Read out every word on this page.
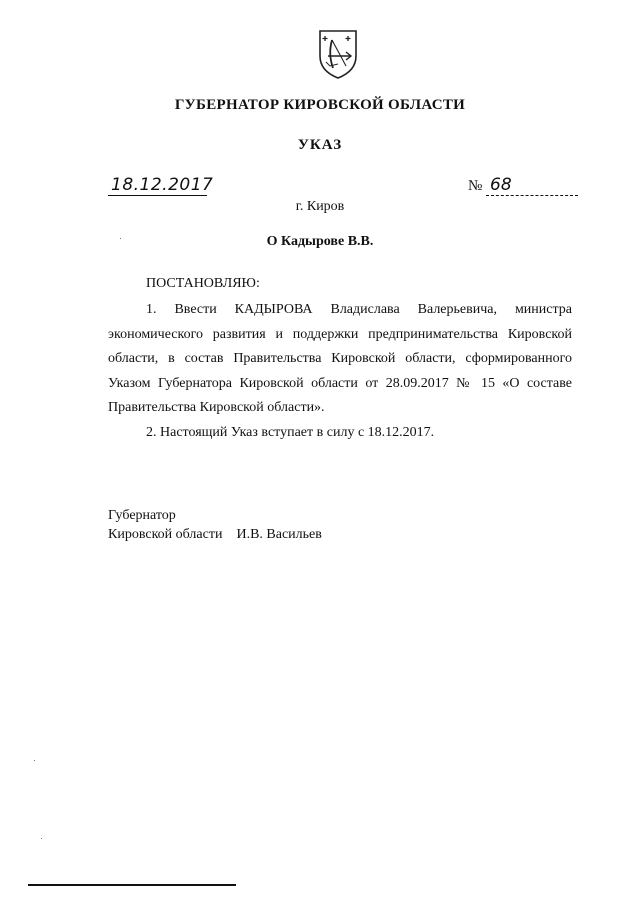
ГУБЕРНАТОР КИРОВСКОЙ ОБЛАСТИ
УКАЗ
18.12.2017	№ 68
г. Киров
О Кадырове В.В.
ПОСТАНОВЛЯЮ:

1. Ввести КАДЫРОВА Владислава Валерьевича, министра экономического развития и поддержки предпринимательства Кировской области, в состав Правительства Кировской области, сформированного Указом Губернатора Кировской области от 28.09.2017 № 15 «О составе Правительства Кировской области».

2. Настоящий Указ вступает в силу с 18.12.2017.

Губернатор
Кировской области И.В. Васильев
